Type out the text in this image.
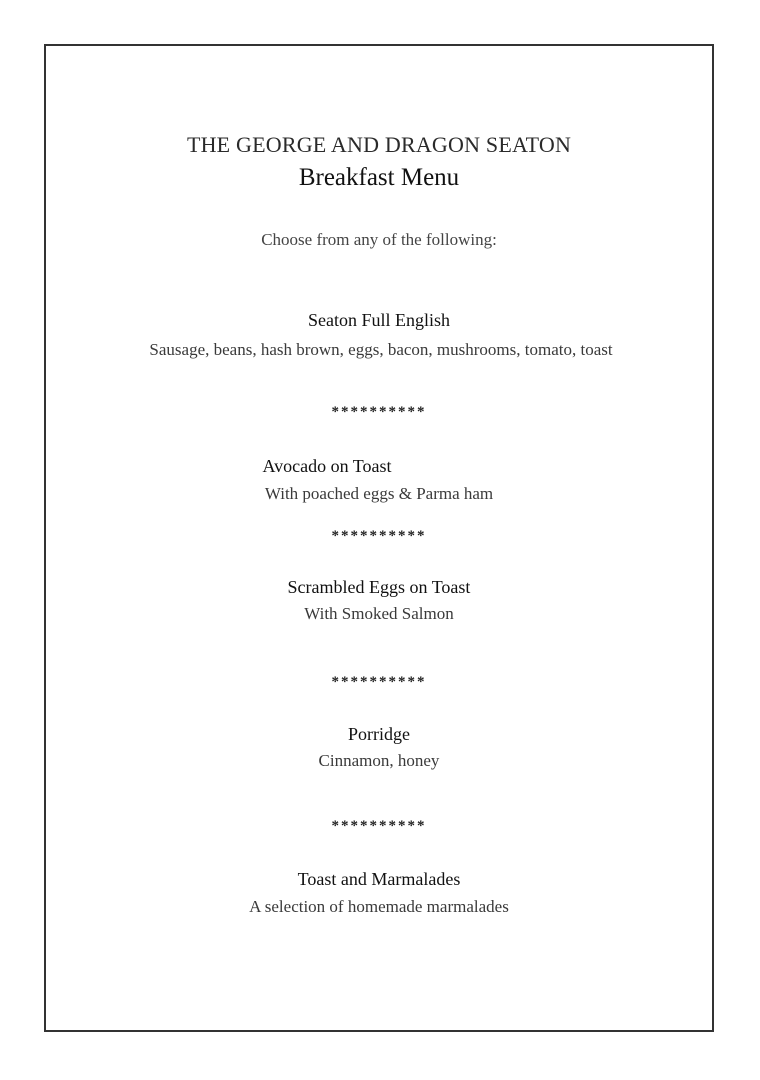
THE GEORGE AND DRAGON SEATON
Breakfast Menu
Choose from any of the following:
Seaton Full English
Sausage, beans, hash brown, eggs, bacon, mushrooms, tomato, toast
**********
Avocado on Toast
With poached eggs & Parma ham
**********
Scrambled Eggs on Toast
With Smoked Salmon
**********
Porridge
Cinnamon, honey
**********
Toast and Marmalades
A selection of homemade marmalades
